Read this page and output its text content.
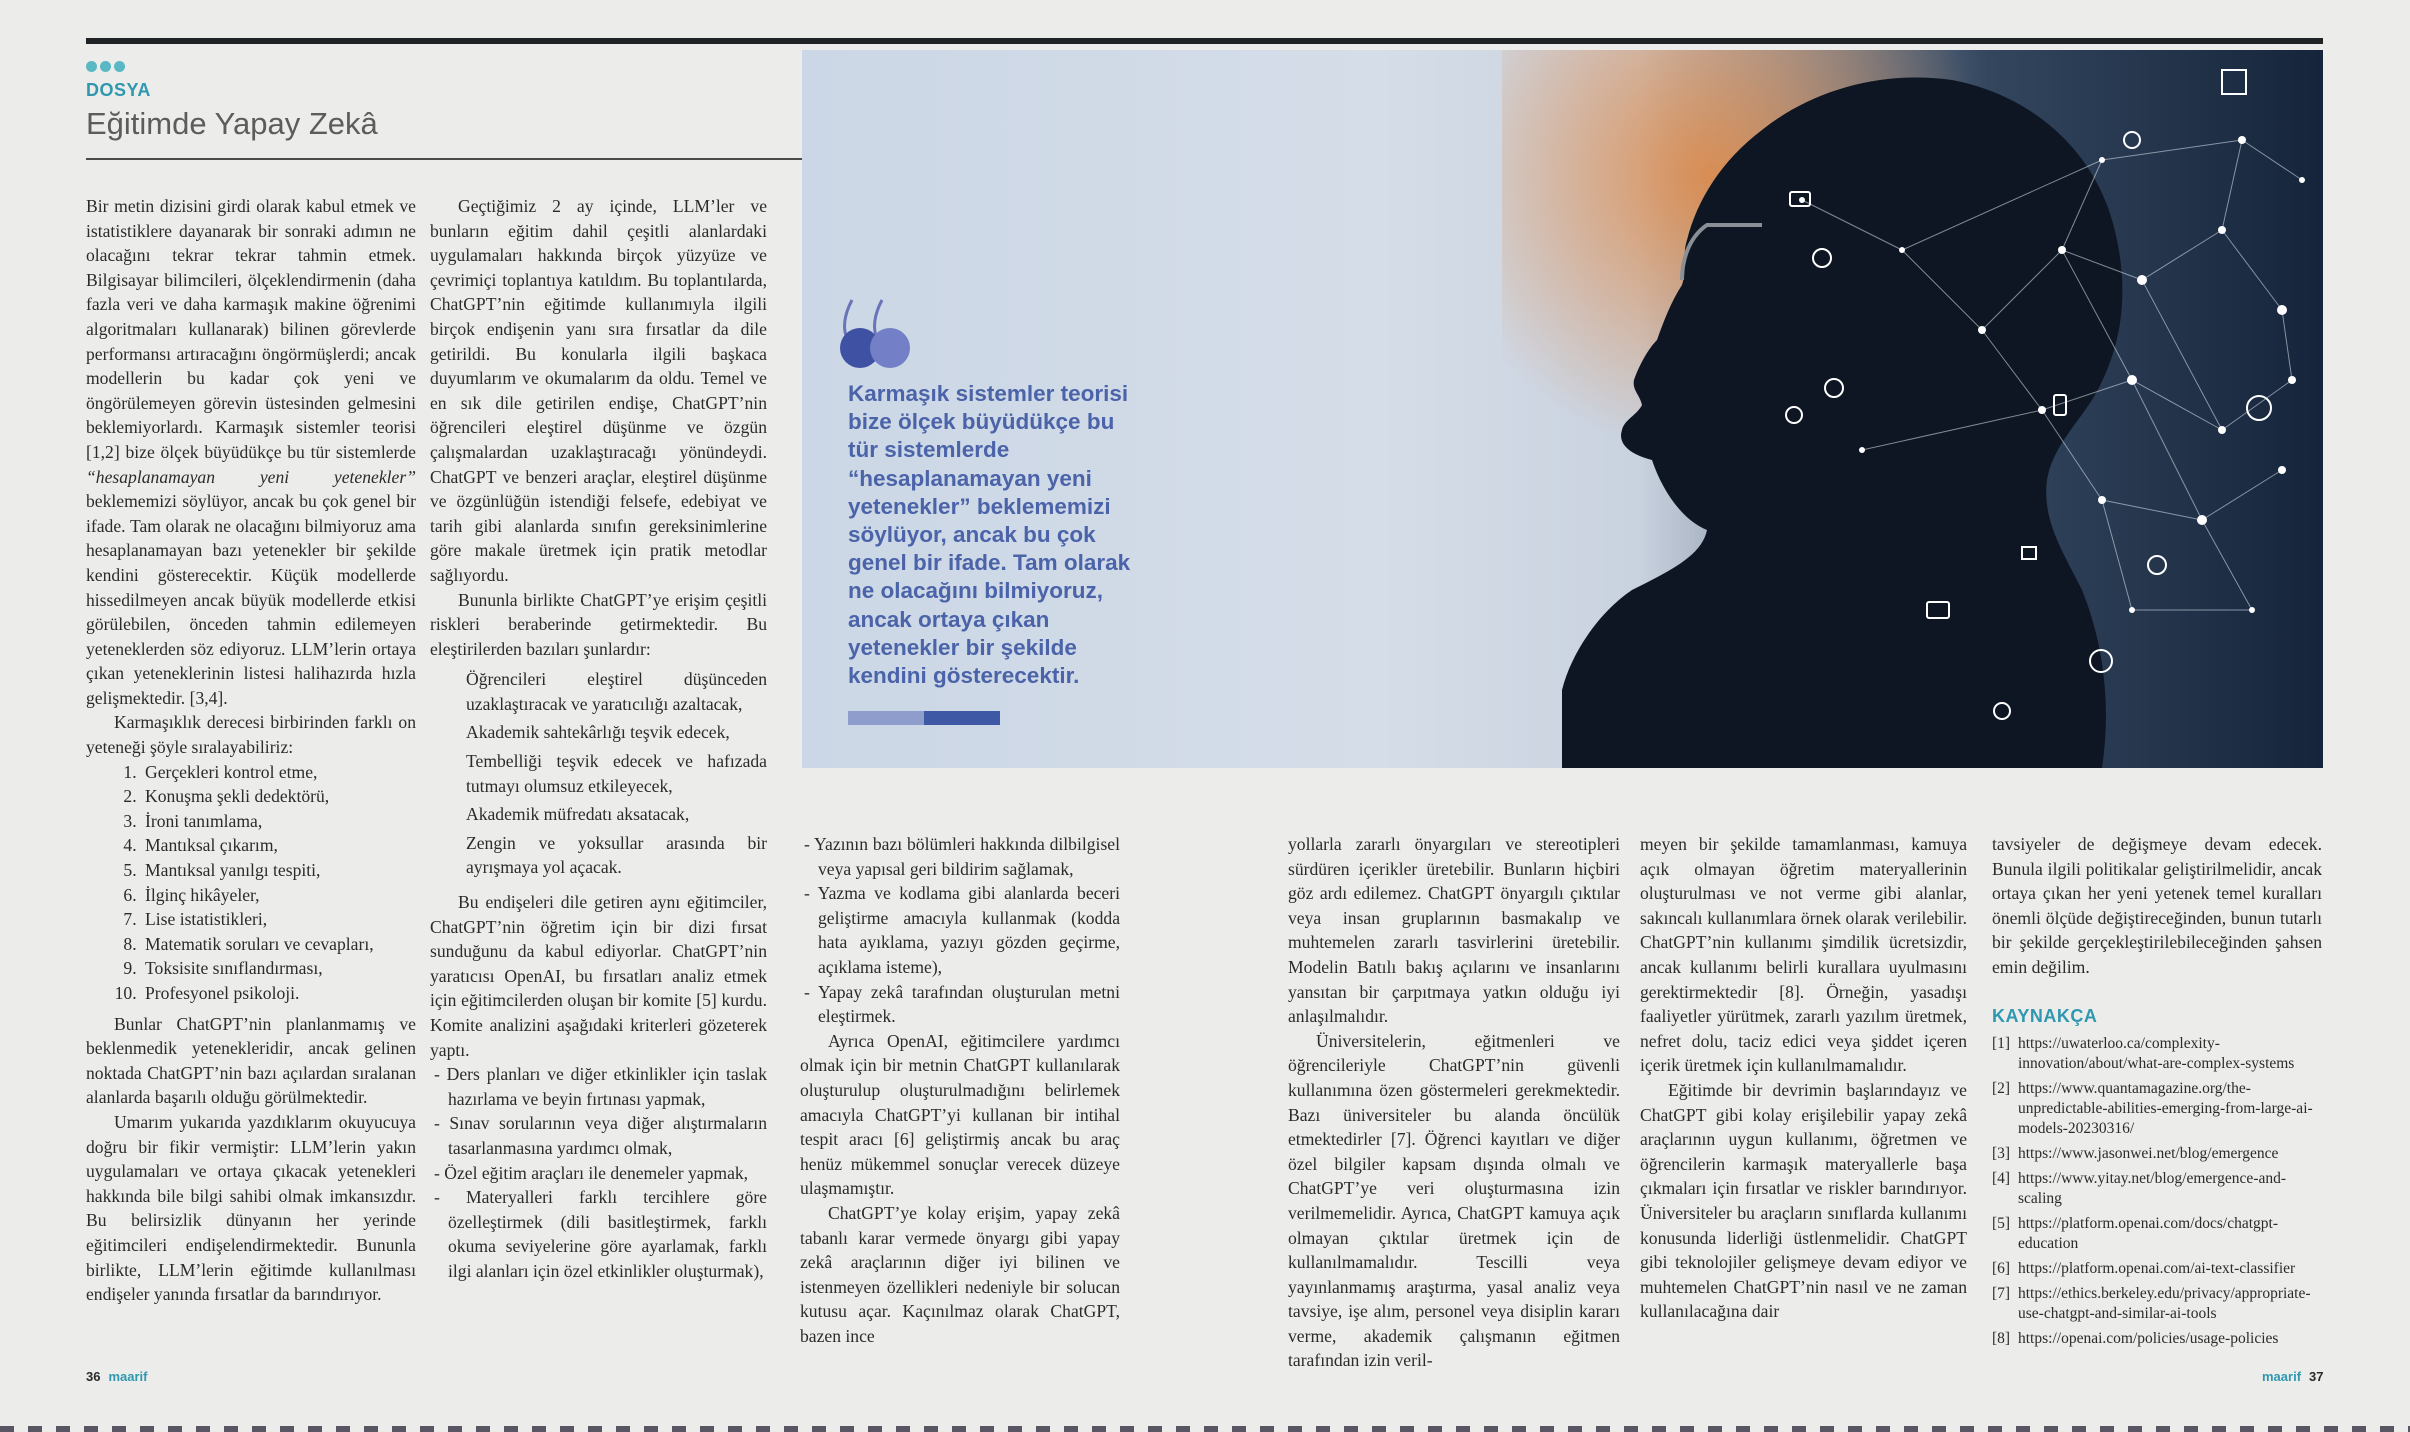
DOSYA
Eğitimde Yapay Zekâ
Karmaşık sistemler teorisi bize ölçek büyüdükçe bu tür sistemlerde “hesaplanamayan yeni yetenekler” beklememizi söylüyor, ancak bu çok genel bir ifade. Tam olarak ne olacağını bilmiyoruz, ancak ortaya çıkan yetenekler bir şekilde kendini gösterecektir.

Bir metin dizisini girdi olarak kabul etmek ve istatistiklere dayanarak bir sonraki adımın ne olacağını tekrar tekrar tahmin etmek. Bilgisayar bilimcileri, ölçeklendirmenin (daha fazla veri ve daha karmaşık makine öğrenimi algoritmaları kullanarak) bilinen görevlerde performansı artıracağını öngörmüşlerdi; ancak modellerin bu kadar çok yeni ve öngörülemeyen görevin üstesinden gelmesini beklemiyorlardı. Karmaşık sistemler teorisi [1,2] bize ölçek büyüdükçe bu tür sistemlerde “hesaplanamayan yeni yetenekler” beklememizi söylüyor, ancak bu çok genel bir ifade. Tam olarak ne olacağını bilmiyoruz ama hesaplanamayan bazı yetenekler bir şekilde kendini gösterecektir. Küçük modellerde hissedilmeyen ancak büyük modellerde etkisi görülebilen, önceden tahmin edilemeyen yeteneklerden söz ediyoruz. LLM’lerin ortaya çıkan yeteneklerinin listesi halihazırda hızla gelişmektedir. [3,4].

Karmaşıklık derecesi birbirinden farklı on yeteneği şöyle sıralayabiliriz:

1. Gerçekleri kontrol etme,
2. Konuşma şekli dedektörü,
3. İroni tanımlama,
4. Mantıksal çıkarım,
5. Mantıksal yanılgı tespiti,
6. İlginç hikâyeler,
7. Lise istatistikleri,
8. Matematik soruları ve cevapları,
9. Toksisite sınıflandırması,
10. Profesyonel psikoloji.

Bunlar ChatGPT’nin planlanmamış ve beklenmedik yetenekleridir, ancak gelinen noktada ChatGPT’nin bazı açılardan sıralanan alanlarda başarılı olduğu görülmektedir.

Umarım yukarıda yazdıklarım okuyucuya doğru bir fikir vermiştir: LLM’lerin yakın uygulamaları ve ortaya çıkacak yetenekleri hakkında bile bilgi sahibi olmak imkansızdır. Bu belirsizlik dünyanın her yerinde eğitimcileri endişelendirmektedir. Bununla birlikte, LLM’lerin eğitimde kullanılması endişeler yanında fırsatlar da barındırıyor.

Geçtiğimiz 2 ay içinde, LLM’ler ve bunların eğitim dahil çeşitli alanlardaki uygulamaları hakkında birçok yüzyüze ve çevrimiçi toplantıya katıldım. Bu toplantılarda, ChatGPT’nin eğitimde kullanımıyla ilgili birçok endişenin yanı sıra fırsatlar da dile getirildi. Bu konularla ilgili başkaca duyumlarım ve okumalarım da oldu. Temel ve en sık dile getirilen endişe, ChatGPT’nin öğrencileri eleştirel düşünme ve özgün çalışmalardan uzaklaştıracağı yönündeydi. ChatGPT ve benzeri araçlar, eleştirel düşünme ve özgünlüğün istendiği felsefe, edebiyat ve tarih gibi alanlarda sınıfın gereksinimlerine göre makale üretmek için pratik metodlar sağlıyordu.

Bununla birlikte ChatGPT’ye erişim çeşitli riskleri beraberinde getirmektedir. Bu eleştirilerden bazıları şunlardır:

Öğrencileri eleştirel düşünceden uzaklaştıracak ve yaratıcılığı azaltacak,
Akademik sahtekârlığı teşvik edecek,
Tembelliği teşvik edecek ve hafızada tutmayı olumsuz etkileyecek,
Akademik müfredatı aksatacak,
Zengin ve yoksullar arasında bir ayrışmaya yol açacak.

Bu endişeleri dile getiren aynı eğitimciler, ChatGPT’nin öğretim için bir dizi fırsat sunduğunu da kabul ediyorlar. ChatGPT’nin yaratıcısı OpenAI, bu fırsatları analiz etmek için eğitimcilerden oluşan bir komite [5] kurdu. Komite analizini aşağıdaki kriterleri gözeterek yaptı.

- Ders planları ve diğer etkinlikler için taslak hazırlama ve beyin fırtınası yapmak,
- Sınav sorularının veya diğer alıştırmaların tasarlanmasına yardımcı olmak,
- Özel eğitim araçları ile denemeler yapmak,
- Materyalleri farklı tercihlere göre özelleştirmek (dili basitleştirmek, farklı okuma seviyelerine göre ayarlamak, farklı ilgi alanları için özel etkinlikler oluşturmak),
- Yazının bazı bölümleri hakkında dilbilgisel veya yapısal geri bildirim sağlamak,
- Yazma ve kodlama gibi alanlarda beceri geliştirme amacıyla kullanmak (kodda hata ayıklama, yazıyı gözden geçirme, açıklama isteme),
- Yapay zekâ tarafından oluşturulan metni eleştirmek.

Ayrıca OpenAI, eğitimcilere yardımcı olmak için bir metnin ChatGPT kullanılarak oluşturulup oluşturulmadığını belirlemek amacıyla ChatGPT’yi kullanan bir intihal tespit aracı [6] geliştirmiş ancak bu araç henüz mükemmel sonuçlar verecek düzeye ulaşmamıştır.

ChatGPT’ye kolay erişim, yapay zekâ tabanlı karar vermede önyargı gibi yapay zekâ araçlarının diğer iyi bilinen ve istenmeyen özellikleri nedeniyle bir solucan kutusu açar. Kaçınılmaz olarak ChatGPT, bazen ince

yollarla zararlı önyargıları ve stereotipleri sürdüren içerikler üretebilir. Bunların hiçbiri göz ardı edilemez. ChatGPT önyargılı çıktılar veya insan gruplarının basmakalıp ve muhtemelen zararlı tasvirlerini üretebilir. Modelin Batılı bakış açılarını ve insanlarını yansıtan bir çarpıtmaya yatkın olduğu iyi anlaşılmalıdır.

Üniversitelerin, eğitmenleri ve öğrencileriyle ChatGPT’nin güvenli kullanımına özen göstermeleri gerekmektedir. Bazı üniversiteler bu alanda öncülük etmektedirler [7]. Öğrenci kayıtları ve diğer özel bilgiler kapsam dışında olmalı ve ChatGPT’ye veri oluşturmasına izin verilmemelidir. Ayrıca, ChatGPT kamuya açık olmayan çıktılar üretmek için de kullanılmamalıdır. Tescilli veya yayınlanmamış araştırma, yasal analiz veya tavsiye, işe alım, personel veya disiplin kararı verme, akademik çalışmanın eğitmen tarafından izin veril-

meyen bir şekilde tamamlanması, kamuya açık olmayan öğretim materyallerinin oluşturulması ve not verme gibi alanlar, sakıncalı kullanımlara örnek olarak verilebilir. ChatGPT’nin kullanımı şimdilik ücretsizdir, ancak kullanımı belirli kurallara uyulmasını gerektirmektedir [8]. Örneğin, yasadışı faaliyetler yürütmek, zararlı yazılım üretmek, nefret dolu, taciz edici veya şiddet içeren içerik üretmek için kullanılmamalıdır.

Eğitimde bir devrimin başlarındayız ve ChatGPT gibi kolay erişilebilir yapay zekâ araçlarının uygun kullanımı, öğretmen ve öğrencilerin karmaşık materyallerle başa çıkmaları için fırsatlar ve riskler barındırıyor. Üniversiteler bu araçların sınıflarda kullanımı konusunda liderliği üstlenmelidir. ChatGPT gibi teknolojiler gelişmeye devam ediyor ve muhtemelen ChatGPT’nin nasıl ve ne zaman kullanılacağına dair

tavsiyeler de değişmeye devam edecek. Bunula ilgili politikalar geliştirilmelidir, ancak ortaya çıkan her yeni yetenek temel kuralları önemli ölçüde değiştireceğinden, bunun tutarlı bir şekilde gerçekleştirilebileceğinden şahsen emin değilim.

KAYNAKÇA
[1] https://uwaterloo.ca/complexity-innovation/about/what-are-complex-systems
[2] https://www.quantamagazine.org/the-unpredictable-abilities-emerging-from-large-ai-models-20230316/
[3] https://www.jasonwei.net/blog/emergence
[4] https://www.yitay.net/blog/emergence-and-scaling
[5] https://platform.openai.com/docs/chatgpt-education
[6] https://platform.openai.com/ai-text-classifier
[7] https://ethics.berkeley.edu/privacy/appropriate-use-chatgpt-and-similar-ai-tools
[8] https://openai.com/policies/usage-policies
36 maarif	maarif 37
